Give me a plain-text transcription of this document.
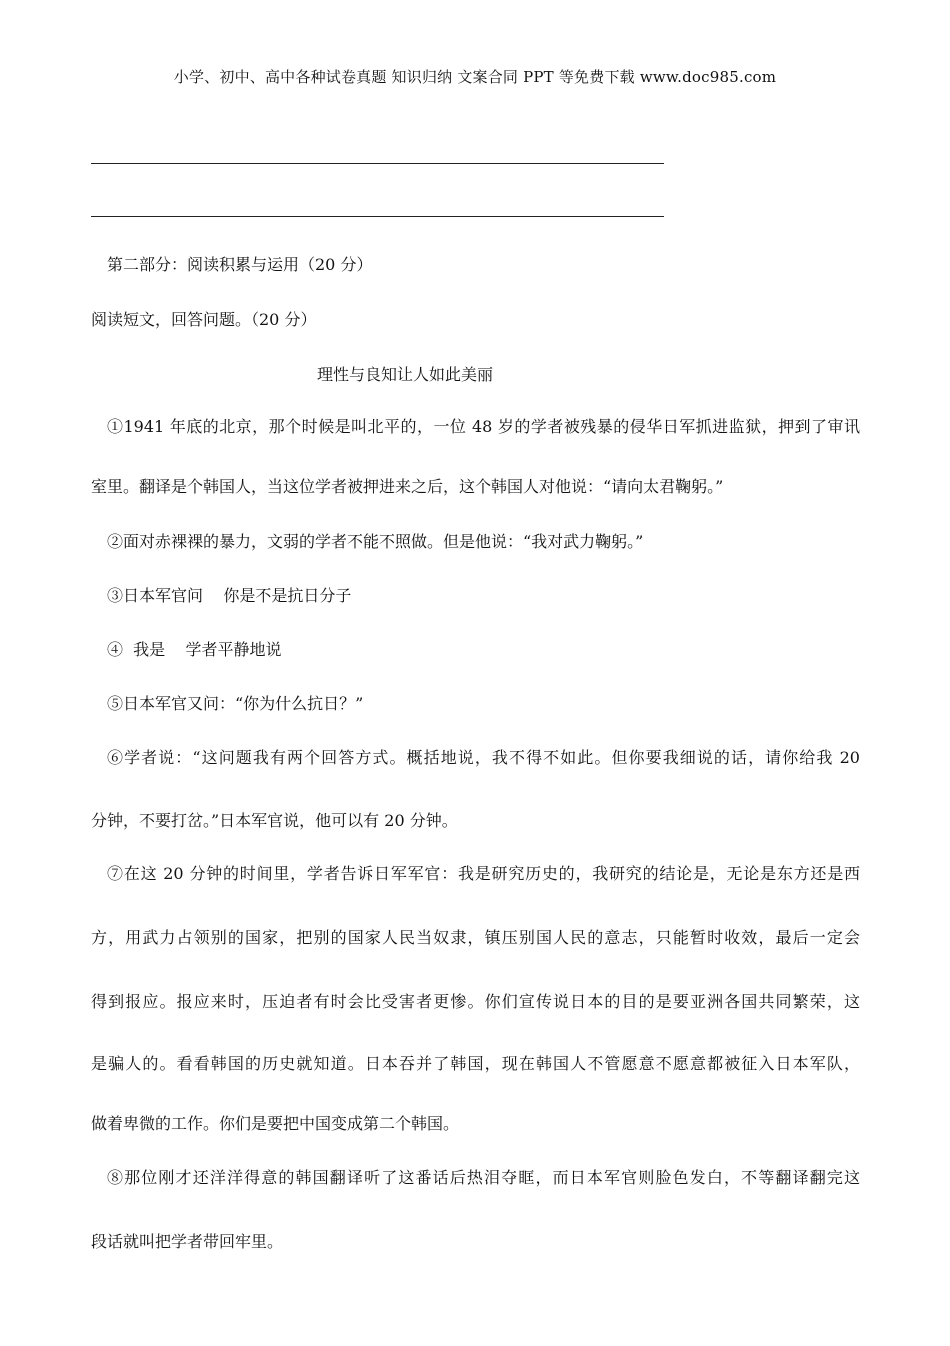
小学、初中、高中各种试卷真题 知识归纳 文案合同 PPT 等免费下载 www.doc985.com
第二部分：阅读积累与运用（20 分）
阅读短文，回答问题。（20 分）
理性与良知让人如此美丽
①1941 年底的北京，那个时候是叫北平的，一位 48 岁的学者被残暴的侵华日军抓进监狱，押到了审讯
室里。翻译是个韩国人，当这位学者被押进来之后，这个韩国人对他说：“请向太君鞠躬。”
②面对赤裸裸的暴力，文弱的学者不能不照做。但是他说：“我对武力鞠躬。”
③日本军官问    你是不是抗日分子
④  我是    学者平静地说
⑤日本军官又问：“你为什么抗日？”
⑥学者说：“这问题我有两个回答方式。概括地说，我不得不如此。但你要我细说的话，请你给我 20
分钟，不要打岔。”日本军官说，他可以有 20 分钟。
⑦在这 20 分钟的时间里，学者告诉日军军官：我是研究历史的，我研究的结论是，无论是东方还是西
方，用武力占领别的国家，把别的国家人民当奴隶，镇压别国人民的意志，只能暂时收效，最后一定会
得到报应。报应来时，压迫者有时会比受害者更惨。你们宣传说日本的目的是要亚洲各国共同繁荣，这
是骗人的。看看韩国的历史就知道。日本吞并了韩国，现在韩国人不管愿意不愿意都被征入日本军队，
做着卑微的工作。你们是要把中国变成第二个韩国。
⑧那位刚才还洋洋得意的韩国翻译听了这番话后热泪夺眶，而日本军官则脸色发白，不等翻译翻完这
段话就叫把学者带回牢里。
